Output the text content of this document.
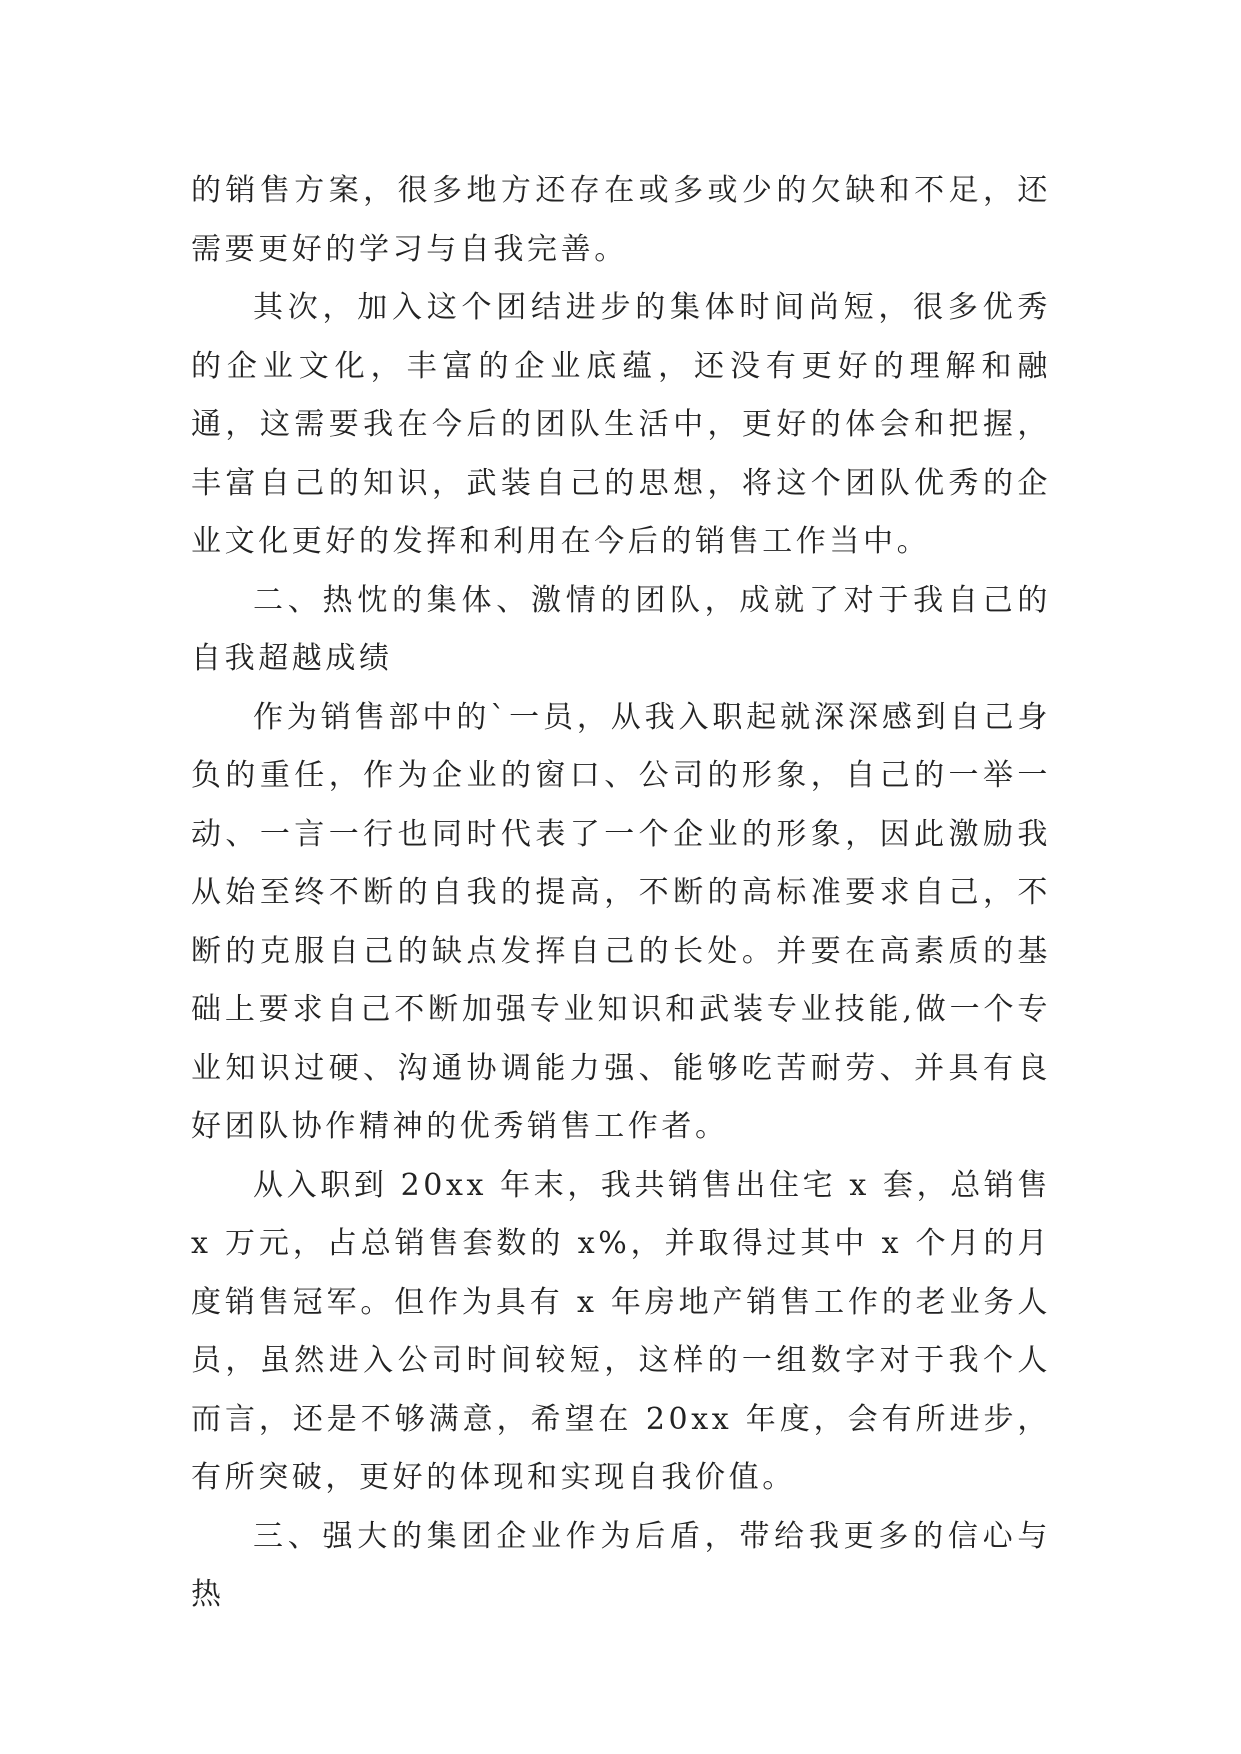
的销售方案，很多地方还存在或多或少的欠缺和不足，还需要更好的学习与自我完善。

其次，加入这个团结进步的集体时间尚短，很多优秀的企业文化，丰富的企业底蕴，还没有更好的理解和融通，这需要我在今后的团队生活中，更好的体会和把握，丰富自己的知识，武装自己的思想，将这个团队优秀的企业文化更好的发挥和利用在今后的销售工作当中。

二、热忱的集体、激情的团队，成就了对于我自己的自我超越成绩

作为销售部中的`一员，从我入职起就深深感到自己身负的重任，作为企业的窗口、公司的形象，自己的一举一动、一言一行也同时代表了一个企业的形象，因此激励我从始至终不断的自我的提高，不断的高标准要求自己，不断的克服自己的缺点发挥自己的长处。并要在高素质的基础上要求自己不断加强专业知识和武装专业技能,做一个专业知识过硬、沟通协调能力强、能够吃苦耐劳、并具有良好团队协作精神的优秀销售工作者。

从入职到 20xx 年末，我共销售出住宅 x 套，总销售 x 万元，占总销售套数的 x%，并取得过其中 x 个月的月度销售冠军。但作为具有 x 年房地产销售工作的老业务人员，虽然进入公司时间较短，这样的一组数字对于我个人而言，还是不够满意，希望在 20xx 年度，会有所进步，有所突破，更好的体现和实现自我价值。

三、强大的集团企业作为后盾，带给我更多的信心与热
